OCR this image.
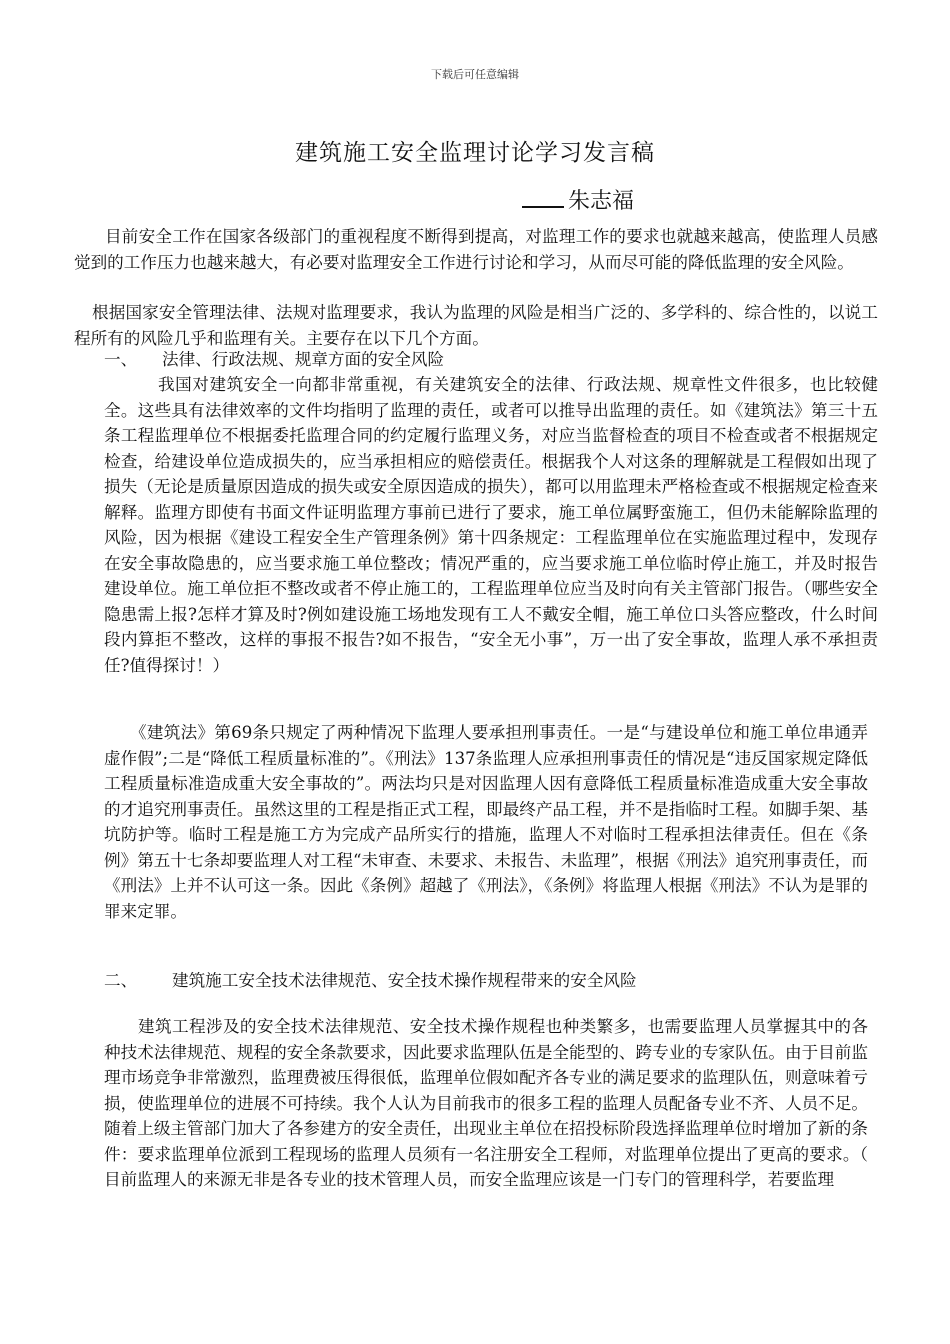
下载后可任意编辑
建筑施工安全监理讨论学习发言稿
朱志福
目前安全工作在国家各级部门的重视程度不断得到提高，对监理工作的要求也就越来越高，使监理人员感觉到的工作压力也越来越大，有必要对监理安全工作进行讨论和学习，从而尽可能的降低监理的安全风险。
根据国家安全管理法律、法规对监理要求，我认为监理的风险是相当广泛的、多学科的、综合性的，以说工程所有的风险几乎和监理有关。主要存在以下几个方面。
一、 法律、行政法规、规章方面的安全风险
我国对建筑安全一向都非常重视，有关建筑安全的法律、行政法规、规章性文件很多，也比较健全。这些具有法律效率的文件均指明了监理的责任，或者可以推导出监理的责任。如《建筑法》第三十五条工程监理单位不根据委托监理合同的约定履行监理义务，对应当监督检查的项目不检查或者不根据规定检查，给建设单位造成损失的，应当承担相应的赔偿责任。根据我个人对这条的理解就是工程假如出现了损失（无论是质量原因造成的损失或安全原因造成的损失），都可以用监理未严格检查或不根据规定检查来解释。监理方即使有书面文件证明监理方事前已进行了要求，施工单位属野蛮施工，但仍未能解除监理的风险，因为根据《建设工程安全生产管理条例》第十四条规定：工程监理单位在实施监理过程中，发现存在安全事故隐患的，应当要求施工单位整改；情况严重的，应当要求施工单位临时停止施工，并及时报告建设单位。施工单位拒不整改或者不停止施工的，工程监理单位应当及时向有关主管部门报告。（哪些安全隐患需上报?怎样才算及时?例如建设施工场地发现有工人不戴安全帽，施工单位口头答应整改，什么时间段内算拒不整改，这样的事报不报告?如不报告，“安全无小事”，万一出了安全事故，监理人承不承担责任?值得探讨！）
《建筑法》第69条只规定了两种情况下监理人要承担刑事责任。一是“与建设单位和施工单位串通弄虚作假”;二是“降低工程质量标准的”。《刑法》137条监理人应承担刑事责任的情况是“违反国家规定降低工程质量标准造成重大安全事故的”。两法均只是对因监理人因有意降低工程质量标准造成重大安全事故的才追究刑事责任。虽然这里的工程是指正式工程，即最终产品工程，并不是指临时工程。如脚手架、基坑防护等。临时工程是施工方为完成产品所实行的措施，监理人不对临时工程承担法律责任。但在《条例》第五十七条却要监理人对工程“未审查、未要求、未报告、未监理”，根据《刑法》追究刑事责任，而《刑法》上并不认可这一条。因此《条例》超越了《刑法》，《条例》将监理人根据《刑法》不认为是罪的罪来定罪。
二、 建筑施工安全技术法律规范、安全技术操作规程带来的安全风险
建筑工程涉及的安全技术法律规范、安全技术操作规程也种类繁多，也需要监理人员掌握其中的各种技术法律规范、规程的安全条款要求，因此要求监理队伍是全能型的、跨专业的专家队伍。由于目前监理市场竞争非常激烈，监理费被压得很低，监理单位假如配齐各专业的满足要求的监理队伍，则意味着亏损，使监理单位的进展不可持续。我个人认为目前我市的很多工程的监理人员配备专业不齐、人员不足。随着上级主管部门加大了各参建方的安全责任，出现业主单位在招投标阶段选择监理单位时增加了新的条件：要求监理单位派到工程现场的监理人员须有一名注册安全工程师，对监理单位提出了更高的要求。（ 目前监理人的来源无非是各专业的技术管理人员，而安全监理应该是一门专门的管理科学，若要监理
